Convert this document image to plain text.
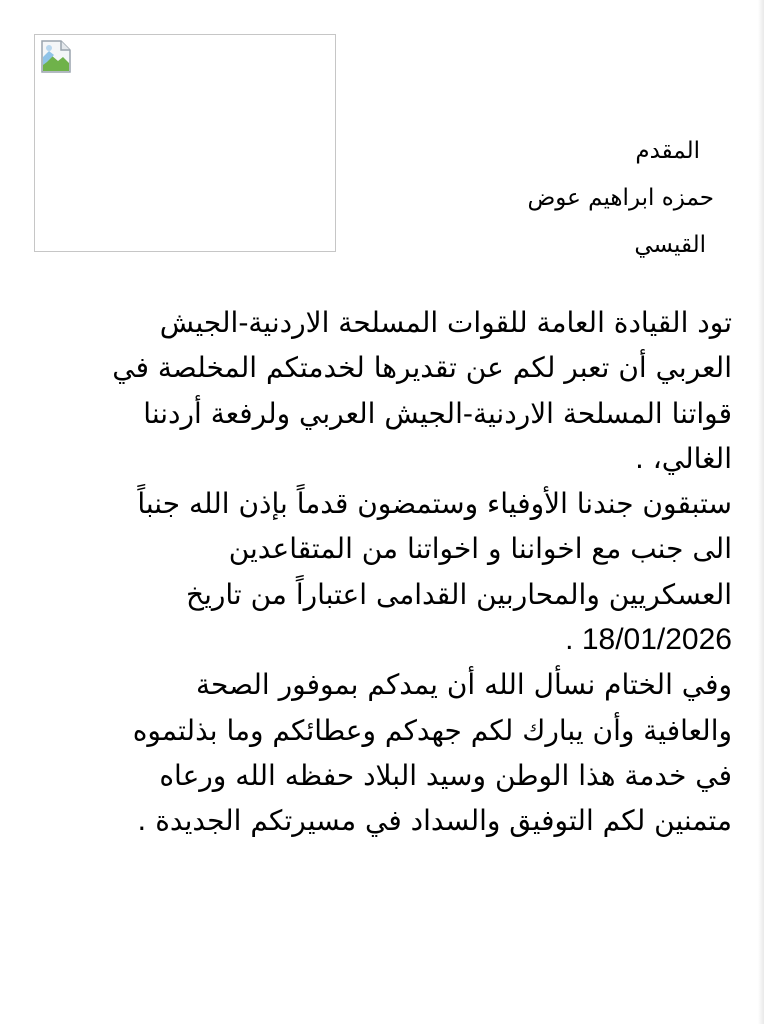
المقدم
حمزه ابراهيم عوض
القيسي
تود القيادة العامة للقوات المسلحة الاردنية-الجيش
العربي أن تعبر لكم عن تقديرها لخدمتكم المخلصة في
قواتنا المسلحة الاردنية-الجيش العربي ولرفعة أردننا
الغالي، .
ستبقون جندنا الأوفياء وستمضون قدماً بإذن الله جنباً
الى جنب مع اخواننا و اخواتنا من المتقاعدين
العسكريين والمحاربين القدامى اعتباراً من تاريخ
18/01/2026 .
وفي الختام نسأل الله أن يمدكم بموفور الصحة
والعافية وأن يبارك لكم جهدكم وعطائكم وما بذلتموه
في خدمة هذا الوطن وسيد البلاد حفظه الله ورعاه
متمنين لكم التوفيق والسداد في مسيرتكم الجديدة .
